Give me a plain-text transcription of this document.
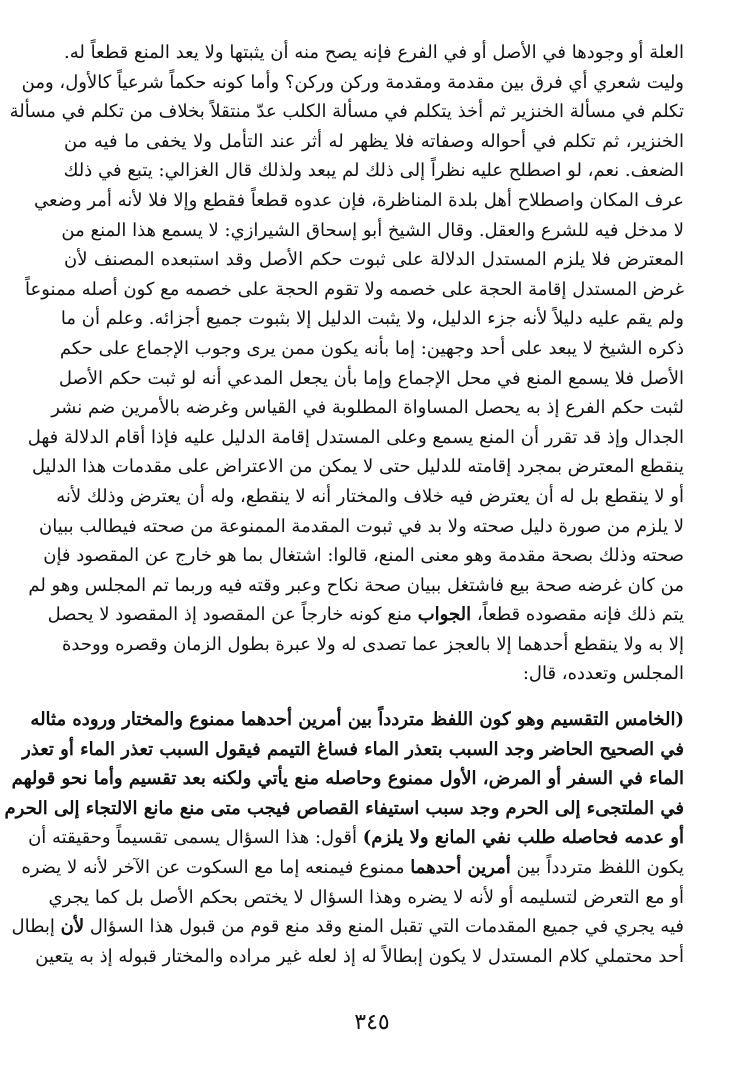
العلة أو وجودها في الأصل أو في الفرع فإنه يصح منه أن يثبتها ولا يعد المنع قطعاً له.
وليت شعري أي فرق بين مقدمة ومقدمة وركن وركن؟ وأما كونه حكماً شرعياً كالأول، ومن
تكلم في مسألة الخنزير ثم أخذ يتكلم في مسألة الكلب عدّ منتقلاً بخلاف من تكلم في مسألة
الخنزير، ثم تكلم في أحواله وصفاته فلا يظهر له أثر عند التأمل ولا يخفى ما فيه من
الضعف. نعم، لو اصطلح عليه نظراً إلى ذلك لم يبعد ولذلك قال الغزالي: يتبع في ذلك
عرف المكان واصطلاح أهل بلدة المناظرة، فإن عدوه قطعاً فقطع وإلا فلا لأنه أمر وضعي
لا مدخل فيه للشرع والعقل. وقال الشيخ أبو إسحاق الشيرازي: لا يسمع هذا المنع من
المعترض فلا يلزم المستدل الدلالة على ثبوت حكم الأصل وقد استبعده المصنف لأن
غرض المستدل إقامة الحجة على خصمه ولا تقوم الحجة على خصمه مع كون أصله ممنوعاً
ولم يقم عليه دليلاً لأنه جزء الدليل، ولا يثبت الدليل إلا بثبوت جميع أجزائه. وعلم أن ما
ذكره الشيخ لا يبعد على أحد وجهين: إما بأنه يكون ممن يرى وجوب الإجماع على حكم
الأصل فلا يسمع المنع في محل الإجماع وإما بأن يجعل المدعي أنه لو ثبت حكم الأصل
لثبت حكم الفرع إذ به يحصل المساواة المطلوبة في القياس وغرضه بالأمرين ضم نشر
الجدال وإذ قد تقرر أن المنع يسمع وعلى المستدل إقامة الدليل عليه فإذا أقام الدلالة فهل
ينقطع المعترض بمجرد إقامته للدليل حتى لا يمكن من الاعتراض على مقدمات هذا الدليل
أو لا ينقطع بل له أن يعترض فيه خلاف والمختار أنه لا ينقطع، وله أن يعترض وذلك لأنه
لا يلزم من صورة دليل صحته ولا بد في ثبوت المقدمة الممنوعة من صحته فيطالب ببيان
صحته وذلك بصحة مقدمة وهو معنى المنع، قالوا: اشتغال بما هو خارج عن المقصود فإن
من كان غرضه صحة بيع فاشتغل ببيان صحة نكاح وعبر وقته فيه وربما تم المجلس وهو لم
يتم ذلك فإنه مقصوده قطعاً، الجواب منع كونه خارجاً عن المقصود إذ المقصود لا يحصل
إلا به ولا ينقطع أحدهما إلا بالعجز عما تصدى له ولا عبرة بطول الزمان وقصره ووحدة
المجلس وتعدده، قال:
(الخامس التقسيم وهو كون اللفظ متردداً بين أمرين أحدهما ممنوع والمختار وروده مثاله
في الصحيح الحاضر وجد السبب بتعذر الماء فساغ التيمم فيقول السبب تعذر الماء أو تعذر
الماء في السفر أو المرض، الأول ممنوع وحاصله منع يأتي ولكنه بعد تقسيم وأما نحو قولهم
في الملتجىء إلى الحرم وجد سبب استيفاء القصاص فيجب متى منع مانع الالتجاء إلى الحرم
أو عدمه فحاصله طلب نفي المانع ولا يلزم) أقول: هذا السؤال يسمى تقسيماً وحقيقته أن
يكون اللفظ متردداً بين أمرين أحدهما ممنوع فيمنعه إما مع السكوت عن الآخر لأنه لا يضره
أو مع التعرض لتسليمه أو لأنه لا يضره وهذا السؤال لا يختص بحكم الأصل بل كما يجري
فيه يجري في جميع المقدمات التي تقبل المنع وقد منع قوم من قبول هذا السؤال لأن إبطال
أحد محتملي كلام المستدل لا يكون إبطالاً له إذ لعله غير مراده والمختار قبوله إذ به يتعين
٣٤٥
